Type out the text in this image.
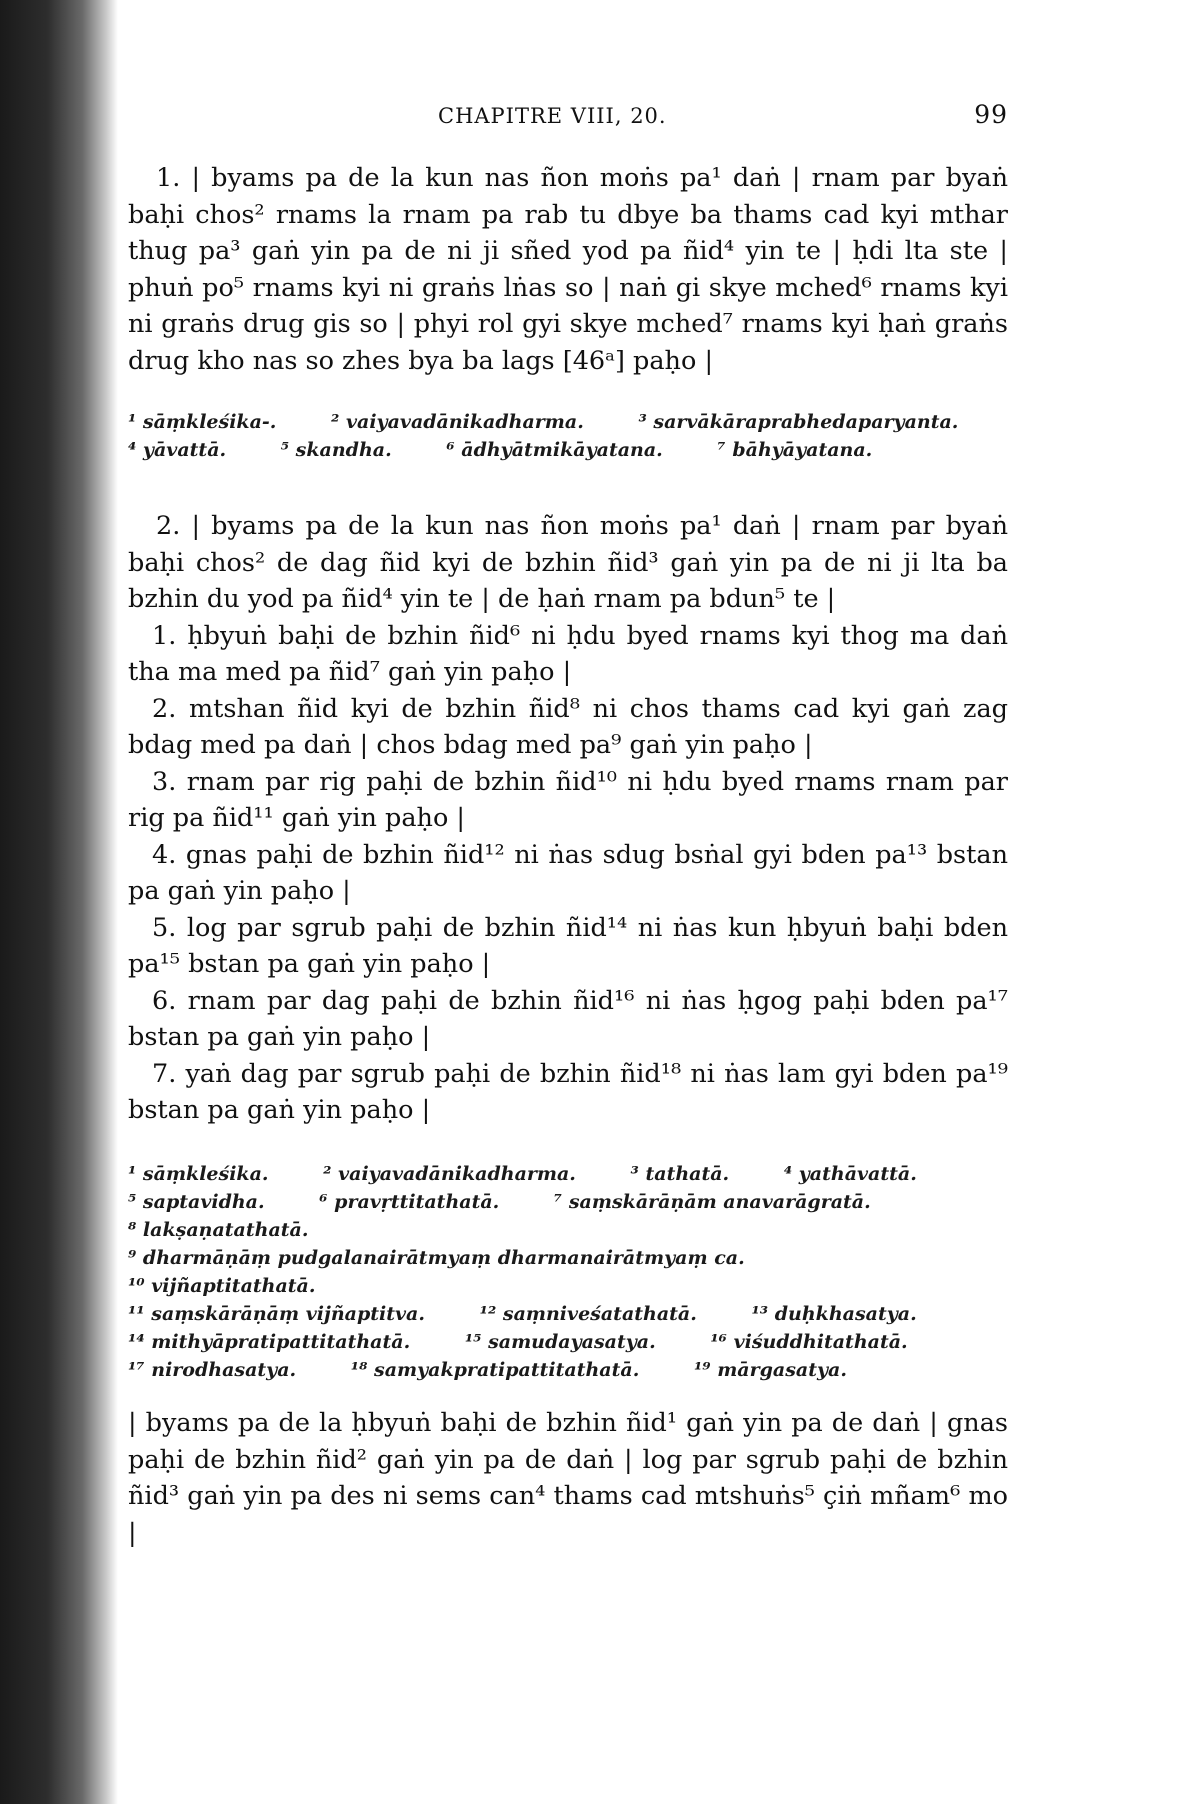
CHAPITRE VIII, 20.	99

1. | byams pa de la kun nas ñon moṅs pa¹ daṅ | rnam par byaṅ baḥi chos² rnams la rnam pa rab tu dbye ba thams cad kyi mthar thug pa³ gaṅ yin pa de ni ji sñed yod pa ñid⁴ yin te | ḥdi lta ste | phuṅ po⁵ rnams kyi ni graṅs lṅas so | naṅ gi skye mched⁶ rnams kyi ni graṅs drug gis so | phyi rol gyi skye mched⁷ rnams kyi ḥaṅ graṅs drug kho nas so zhes bya ba lags [46ᵃ] paḥo |

¹ sāṃkleśika-.	² vaiyavadānikadharma.	³ sarvākāraprabhedaparyanta.
⁴ yāvattā.	⁵ skandha.	⁶ ādhyātmikāyatana.	⁷ bāhyāyatana.

2. | byams pa de la kun nas ñon moṅs pa¹ daṅ | rnam par byaṅ baḥi chos² de dag ñid kyi de bzhin ñid³ gaṅ yin pa de ni ji lta ba bzhin du yod pa ñid⁴ yin te | de ḥaṅ rnam pa bdun⁵ te |

1. ḥbyuṅ baḥi de bzhin ñid⁶ ni ḥdu byed rnams kyi thog ma daṅ tha ma med pa ñid⁷ gaṅ yin paḥo |

2. mtshan ñid kyi de bzhin ñid⁸ ni chos thams cad kyi gaṅ zag bdag med pa daṅ | chos bdag med pa⁹ gaṅ yin paḥo |

3. rnam par rig paḥi de bzhin ñid¹⁰ ni ḥdu byed rnams rnam par rig pa ñid¹¹ gaṅ yin paḥo |

4. gnas paḥi de bzhin ñid¹² ni ṅas sdug bsṅal gyi bden pa¹³ bstan pa gaṅ yin paḥo |

5. log par sgrub paḥi de bzhin ñid¹⁴ ni ṅas kun ḥbyuṅ baḥi bden pa¹⁵ bstan pa gaṅ yin paḥo |

6. rnam par dag paḥi de bzhin ñid¹⁶ ni ṅas ḥgog paḥi bden pa¹⁷ bstan pa gaṅ yin paḥo |

7. yaṅ dag par sgrub paḥi de bzhin ñid¹⁸ ni ṅas lam gyi bden pa¹⁹ bstan pa gaṅ yin paḥo |

¹ sāṃkleśika.	² vaiyavadānikadharma.	³ tathatā.	⁴ yathāvattā.
⁵ saptavidha.	⁶ pravṛttitathatā.	⁷ saṃskārāṇām anavarāgratā. ⁸ lakṣaṇatathatā.
⁹ dharmāṇāṃ pudgalanairātmyaṃ dharmanairātmyaṃ ca. ¹⁰ vijñaptitathatā.
¹¹ saṃskārāṇāṃ vijñaptitva.	¹² saṃniveśatathatā.	¹³ duḥkhasatya.
¹⁴ mithyāpratipattitathatā.	¹⁵ samudayasatya.	¹⁶ viśuddhitathatā.
¹⁷ nirodhasatya.	¹⁸ samyakpratipattitathatā.	¹⁹ mārgasatya.

| byams pa de la ḥbyuṅ baḥi de bzhin ñid¹ gaṅ yin pa de daṅ | gnas paḥi de bzhin ñid² gaṅ yin pa de daṅ | log par sgrub paḥi de bzhin ñid³ gaṅ yin pa des ni sems can⁴ thams cad mtshuṅs⁵ çiṅ mñam⁶ mo |
